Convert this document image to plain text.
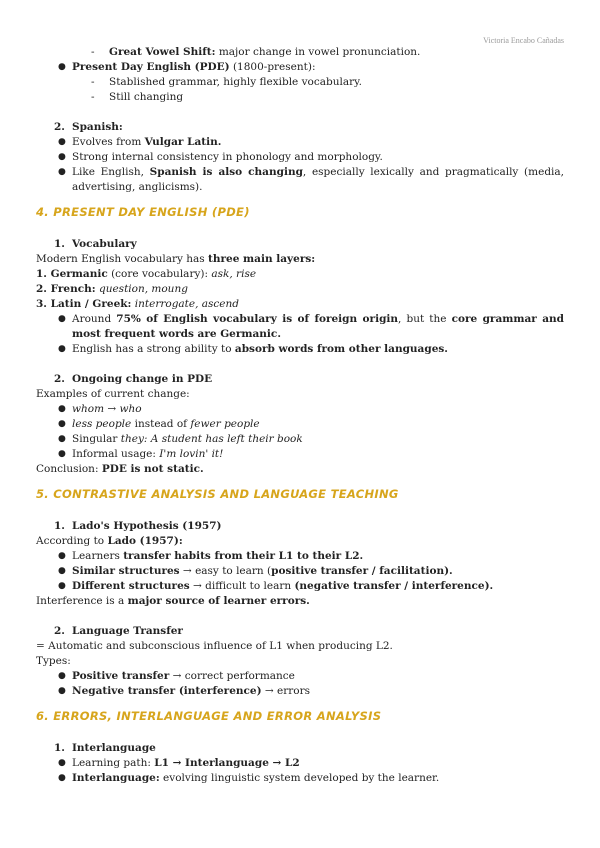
Victoria Encabo Cañadas
- Great Vowel Shift: major change in vowel pronunciation.
● Present Day English (PDE) (1800-present):
- Stablished grammar, highly flexible vocabulary.
- Still changing
2. Spanish:
● Evolves from Vulgar Latin.
● Strong internal consistency in phonology and morphology.
● Like English, Spanish is also changing, especially lexically and pragmatically (media, advertising, anglicisms).
4. PRESENT DAY ENGLISH (PDE)
1. Vocabulary
Modern English vocabulary has three main layers:
1. Germanic (core vocabulary): ask, rise
2. French: question, moung
3. Latin / Greek: interrogate, ascend
● Around 75% of English vocabulary is of foreign origin, but the core grammar and most frequent words are Germanic.
● English has a strong ability to absorb words from other languages.
2. Ongoing change in PDE
Examples of current change:
● whom → who
● less people instead of fewer people
● Singular they: A student has left their book
● Informal usage: I'm lovin' it!
Conclusion: PDE is not static.
5. CONTRASTIVE ANALYSIS AND LANGUAGE TEACHING
1. Lado's Hypothesis (1957)
According to Lado (1957):
● Learners transfer habits from their L1 to their L2.
● Similar structures → easy to learn (positive transfer / facilitation).
● Different structures → difficult to learn (negative transfer / interference).
Interference is a major source of learner errors.
2. Language Transfer
= Automatic and subconscious influence of L1 when producing L2.
Types:
● Positive transfer → correct performance
● Negative transfer (interference) → errors
6. ERRORS, INTERLANGUAGE AND ERROR ANALYSIS
1. Interlanguage
● Learning path: L1 → Interlanguage → L2
● Interlanguage: evolving linguistic system developed by the learner.
